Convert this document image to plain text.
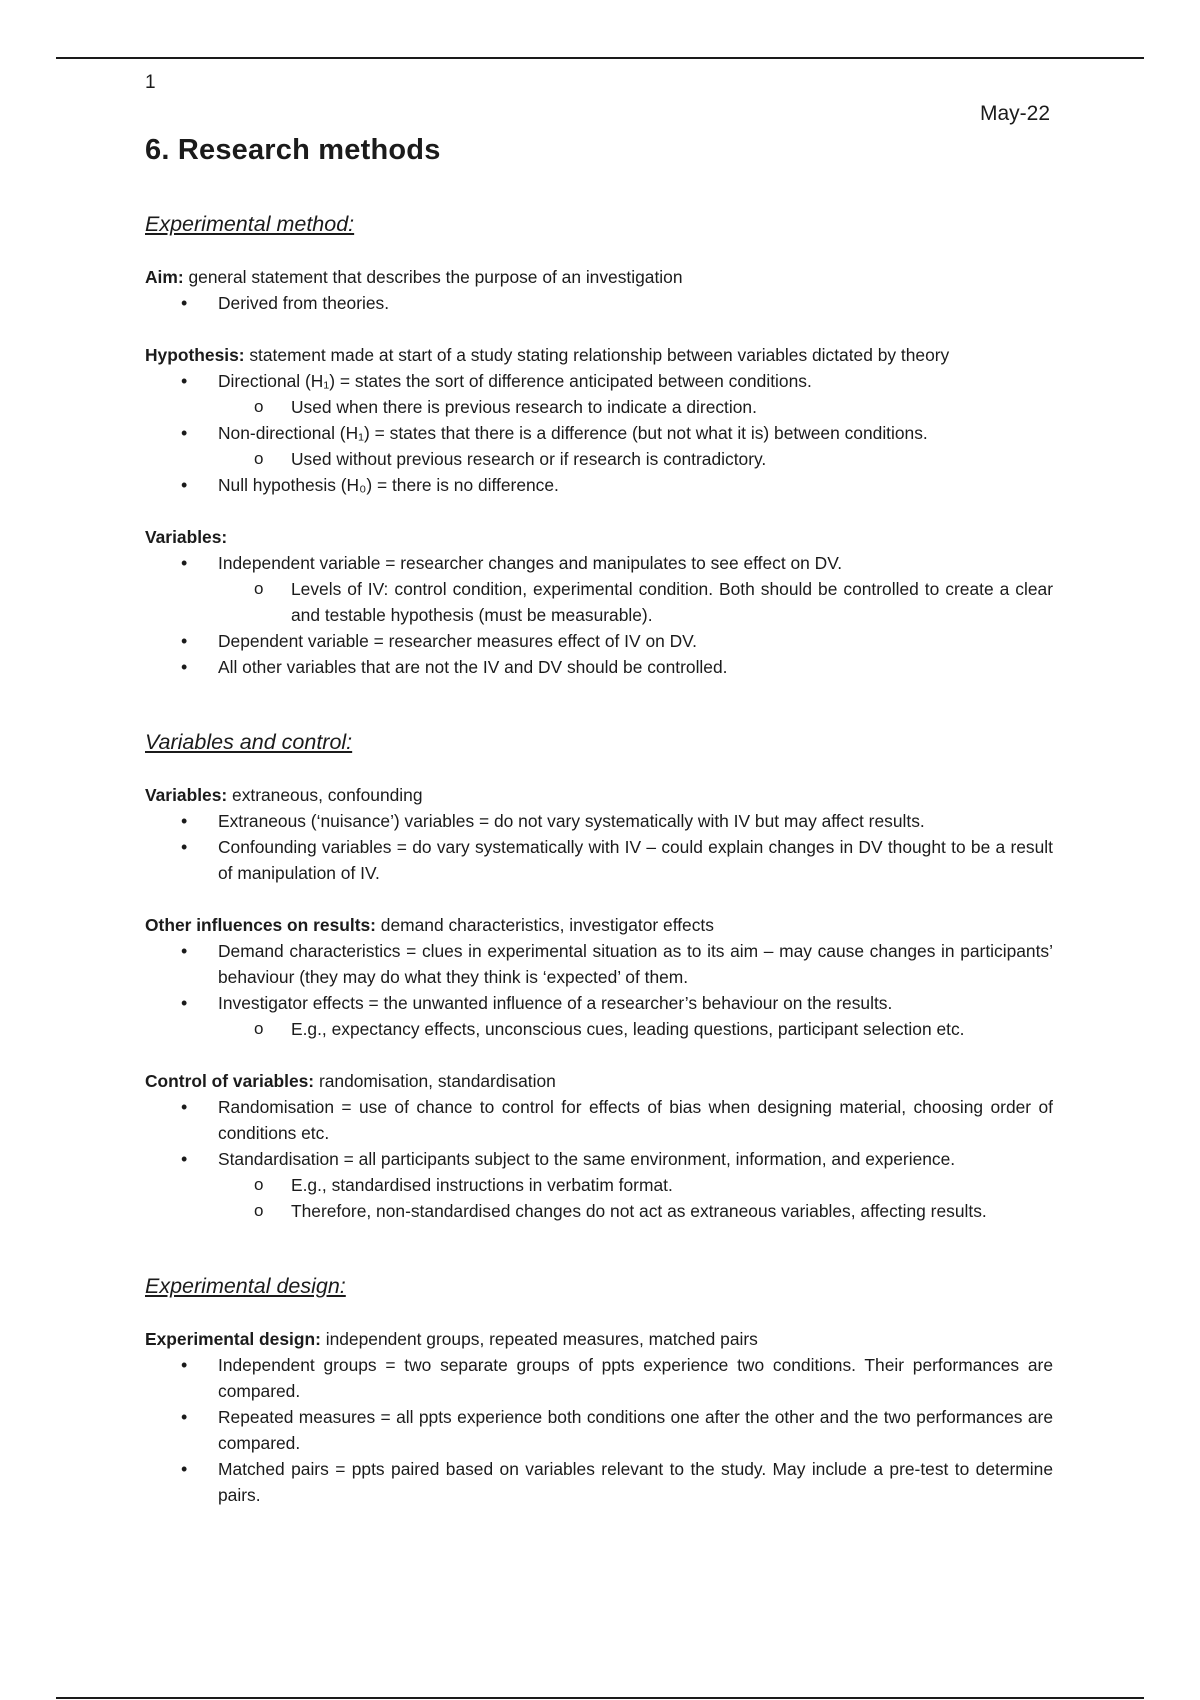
1
May-22
6. Research methods
Experimental method:

Aim: general statement that describes the purpose of an investigation

• Derived from theories.

Hypothesis: statement made at start of a study stating relationship between variables dictated by theory

• Directional (H₁) = states the sort of difference anticipated between conditions.
o Used when there is previous research to indicate a direction.
• Non-directional (H₁) = states that there is a difference (but not what it is) between conditions.
o Used without previous research or if research is contradictory.
• Null hypothesis (H₀) = there is no difference.

Variables:

• Independent variable = researcher changes and manipulates to see effect on DV.
o Levels of IV: control condition, experimental condition. Both should be controlled to create a clear and testable hypothesis (must be measurable).
• Dependent variable = researcher measures effect of IV on DV.
• All other variables that are not the IV and DV should be controlled.
Variables and control:

Variables: extraneous, confounding

• Extraneous (‘nuisance’) variables = do not vary systematically with IV but may affect results.
• Confounding variables = do vary systematically with IV – could explain changes in DV thought to be a result of manipulation of IV.

Other influences on results: demand characteristics, investigator effects

• Demand characteristics = clues in experimental situation as to its aim – may cause changes in participants’ behaviour (they may do what they think is ‘expected’ of them.
• Investigator effects = the unwanted influence of a researcher’s behaviour on the results.
o E.g., expectancy effects, unconscious cues, leading questions, participant selection etc.

Control of variables: randomisation, standardisation

• Randomisation = use of chance to control for effects of bias when designing material, choosing order of conditions etc.
• Standardisation = all participants subject to the same environment, information, and experience.
o E.g., standardised instructions in verbatim format.
o Therefore, non-standardised changes do not act as extraneous variables, affecting results.
Experimental design:

Experimental design: independent groups, repeated measures, matched pairs

• Independent groups = two separate groups of ppts experience two conditions. Their performances are compared.
• Repeated measures = all ppts experience both conditions one after the other and the two performances are compared.
• Matched pairs = ppts paired based on variables relevant to the study. May include a pre-test to determine pairs.
